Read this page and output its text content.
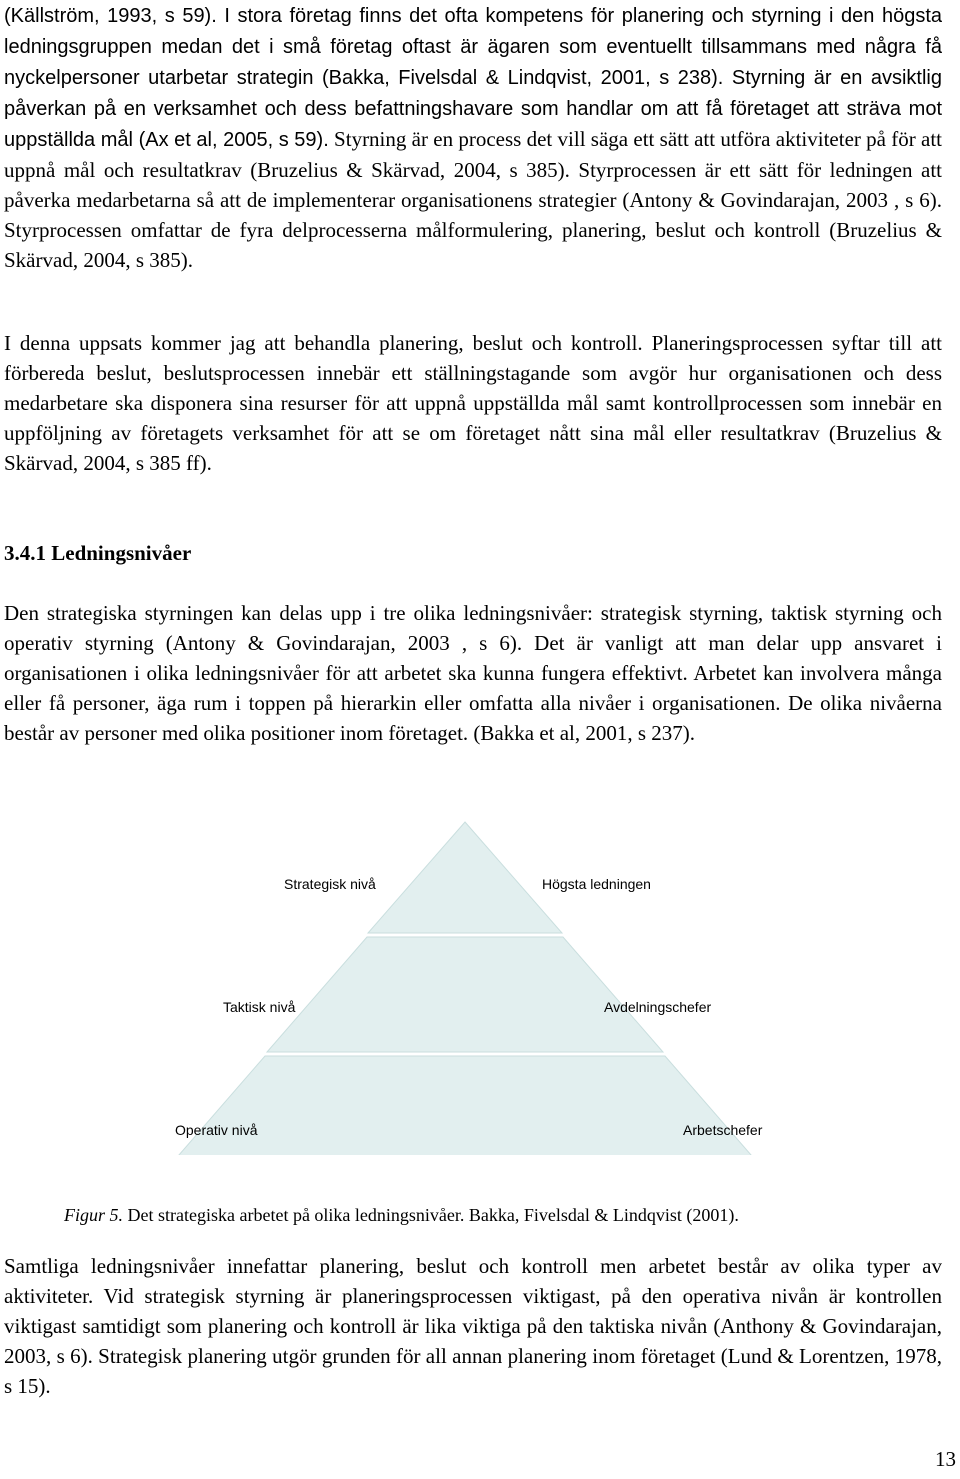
(Källström, 1993, s 59). I stora företag finns det ofta kompetens för planering och styrning i den högsta ledningsgruppen medan det i små företag oftast är ägaren som eventuellt tillsammans med några få nyckelpersoner utarbetar strategin (Bakka, Fivelsdal & Lindqvist, 2001, s 238). Styrning är en avsiktlig påverkan på en verksamhet och dess befattningshavare som handlar om att få företaget att sträva mot uppställda mål (Ax et al, 2005, s 59). Styrning är en process det vill säga ett sätt att utföra aktiviteter på för att uppnå mål och resultatkrav (Bruzelius & Skärvad, 2004, s 385). Styrprocessen är ett sätt för ledningen att påverka medarbetarna så att de implementerar organisationens strategier (Antony & Govindarajan, 2003 , s 6). Styrprocessen omfattar de fyra delprocesserna målformulering, planering, beslut och kontroll (Bruzelius & Skärvad, 2004, s 385).

I denna uppsats kommer jag att behandla planering, beslut och kontroll. Planeringsprocessen syftar till att förbereda beslut, beslutsprocessen innebär ett ställningstagande som avgör hur organisationen och dess medarbetare ska disponera sina resurser för att uppnå uppställda mål samt kontrollprocessen som innebär en uppföljning av företagets verksamhet för att se om företaget nått sina mål eller resultatkrav (Bruzelius & Skärvad, 2004, s 385 ff).

3.4.1 Ledningsnivåer

Den strategiska styrningen kan delas upp i tre olika ledningsnivåer: strategisk styrning, taktisk styrning och operativ styrning (Antony & Govindarajan, 2003 , s 6). Det är vanligt att man delar upp ansvaret i organisationen i olika ledningsnivåer för att arbetet ska kunna fungera effektivt. Arbetet kan involvera många eller få personer, äga rum i toppen på hierarkin eller omfatta alla nivåer i organisationen. De olika nivåerna består av personer med olika positioner inom företaget. (Bakka et al, 2001, s 237).

Samtliga ledningsnivåer innefattar planering, beslut och kontroll men arbetet består av olika typer av aktiviteter. Vid strategisk styrning är planeringsprocessen viktigast, på den operativa nivån är kontrollen viktigast samtidigt som planering och kontroll är lika viktiga på den taktiska nivån (Anthony & Govindarajan, 2003, s 6). Strategisk planering utgör grunden för all annan planering inom företaget (Lund & Lorentzen, 1978, s 15).

Strategisk nivå	Högsta ledningen
Taktisk nivå	Avdelningschefer
Operativ nivå	Arbetschefer

Figur 5. Det strategiska arbetet på olika ledningsnivåer. Bakka, Fivelsdal & Lindqvist (2001).

13
